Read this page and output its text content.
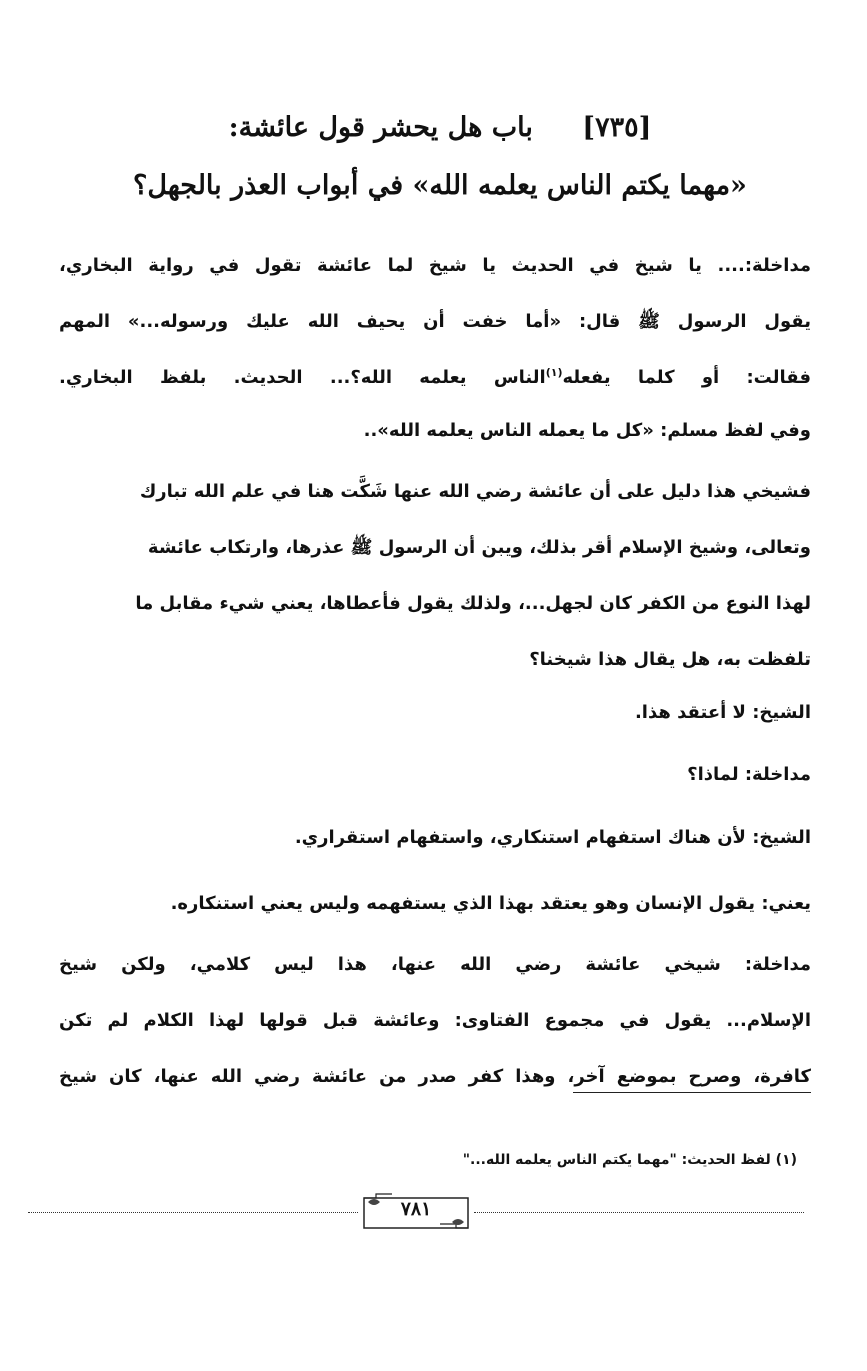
[٧٣٥] باب هل يحشر قول عائشة:
«مهما يكتم الناس يعلمه الله» في أبواب العذر بالجهل؟
مداخلة:.... يا شيخ في الحديث يا شيخ لما عائشة تقول في رواية البخاري،
يقول الرسول ﷺ قال: «أما خفت أن يحيف الله عليك ورسوله...» المهم
فقالت: أو كلما يفعله$^{(١)}$الناس يعلمه الله؟... الحديث. بلفظ البخاري.
وفي لفظ مسلم: «كل ما يعمله الناس يعلمه الله»..
فشيخي هذا دليل على أن عائشة رضي الله عنها شَكَّت هنا في علم الله تبارك
وتعالى، وشيخ الإسلام أقر بذلك، ويبن أن الرسول ﷺ عذرها، وارتكاب عائشة
لهذا النوع من الكفر كان لجهل...، ولذلك يقول فأعطاها، يعني شيء مقابل ما
تلفظت به، هل يقال هذا شيخنا؟
الشيخ: لا أعتقد هذا.
مداخلة: لماذا؟
الشيخ: لأن هناك استفهام استنكاري، واستفهام استقراري.
يعني: يقول الإنسان وهو يعتقد بهذا الذي يستفهمه وليس يعني استنكاره.
مداخلة: شيخي عائشة رضي الله عنها، هذا ليس كلامي، ولكن شيخ
الإسلام... يقول في مجموع الفتاوى: وعائشة قبل قولها لهذا الكلام لم تكن
كافرة، وصرح بموضع آخر، وهذا كفر صدر من عائشة رضي الله عنها، كان شيخ
(١) لفظ الحديث: "مهما يكتم الناس يعلمه الله..."
٧٨١
